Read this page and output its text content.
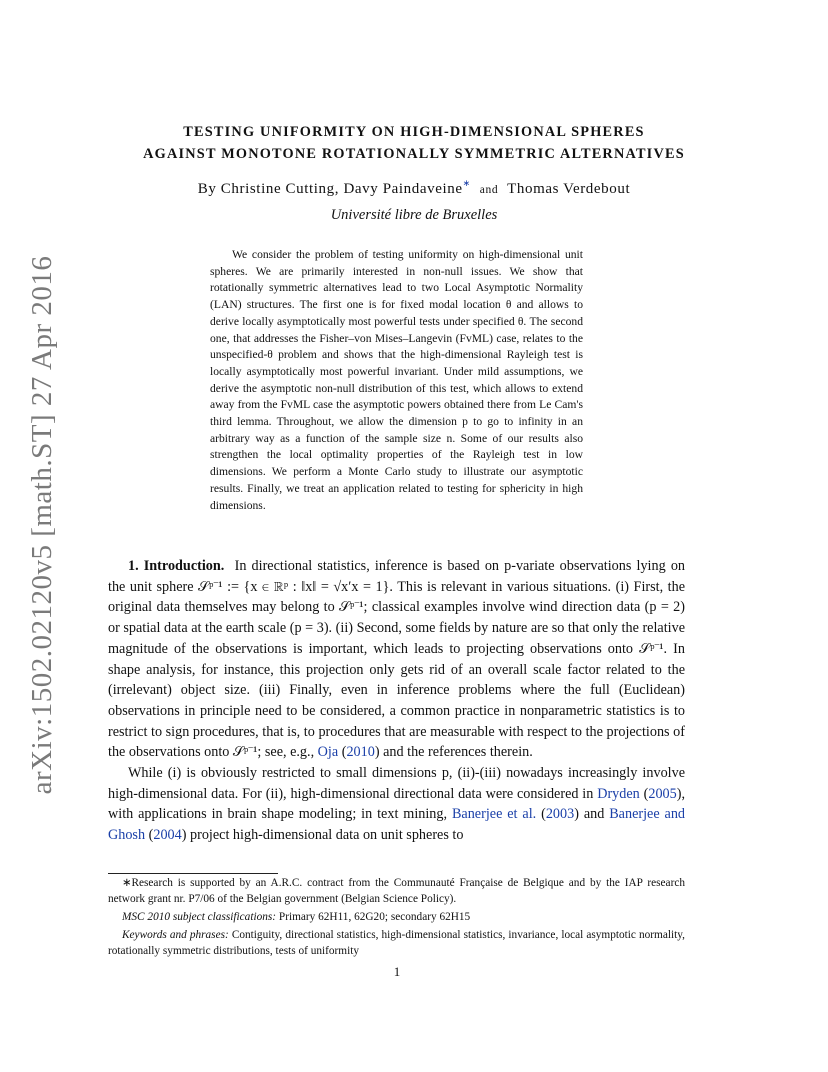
arXiv:1502.02120v5 [math.ST] 27 Apr 2016
TESTING UNIFORMITY ON HIGH-DIMENSIONAL SPHERES
AGAINST MONOTONE ROTATIONALLY SYMMETRIC ALTERNATIVES
By Christine Cutting, Davy Paindaveine∗and Thomas Verdebout
Université libre de Bruxelles

We consider the problem of testing uniformity on high-dimensional unit spheres. We are primarily interested in non-null issues. We show that rotationally symmetric alternatives lead to two Local Asymptotic Normality (LAN) structures. The first one is for fixed modal location θ and allows to derive locally asymptotically most powerful tests under specified θ. The second one, that addresses the Fisher–von Mises–Langevin (FvML) case, relates to the unspecified-θ problem and shows that the high-dimensional Rayleigh test is locally asymptotically most powerful invariant. Under mild assumptions, we derive the asymptotic non-null distribution of this test, which allows to extend away from the FvML case the asymptotic powers obtained there from Le Cam's third lemma. Throughout, we allow the dimension p to go to infinity in an arbitrary way as a function of the sample size n. Some of our results also strengthen the local optimality properties of the Rayleigh test in low dimensions. We perform a Monte Carlo study to illustrate our asymptotic results. Finally, we treat an application related to testing for sphericity in high dimensions.

1. Introduction. In directional statistics, inference is based on p-variate observations lying on the unit sphere 𝒮ᵖ⁻¹ := {x ∈ ℝᵖ : ‖x‖ = √x′x = 1}. This is relevant in various situations. (i) First, the original data themselves may belong to 𝒮ᵖ⁻¹; classical examples involve wind direction data (p = 2) or spatial data at the earth scale (p = 3). (ii) Second, some fields by nature are so that only the relative magnitude of the observations is important, which leads to projecting observations onto 𝒮ᵖ⁻¹. In shape analysis, for instance, this projection only gets rid of an overall scale factor related to the (irrelevant) object size. (iii) Finally, even in inference problems where the full (Euclidean) observations in principle need to be considered, a common practice in nonparametric statistics is to restrict to sign procedures, that is, to procedures that are measurable with respect to the projections of the observations onto 𝒮ᵖ⁻¹; see, e.g., Oja (2010) and the references therein.

While (i) is obviously restricted to small dimensions p, (ii)-(iii) nowadays increasingly involve high-dimensional data. For (ii), high-dimensional directional data were considered in Dryden (2005), with applications in brain shape modeling; in text mining, Banerjee et al. (2003) and Banerjee and Ghosh (2004) project high-dimensional data on unit spheres to

∗Research is supported by an A.R.C. contract from the Communauté Française de Belgique and by the IAP research network grant nr. P7/06 of the Belgian government (Belgian Science Policy).
MSC 2010 subject classifications: Primary 62H11, 62G20; secondary 62H15
Keywords and phrases: Contiguity, directional statistics, high-dimensional statistics, invariance, local asymptotic normality, rotationally symmetric distributions, tests of uniformity
1
